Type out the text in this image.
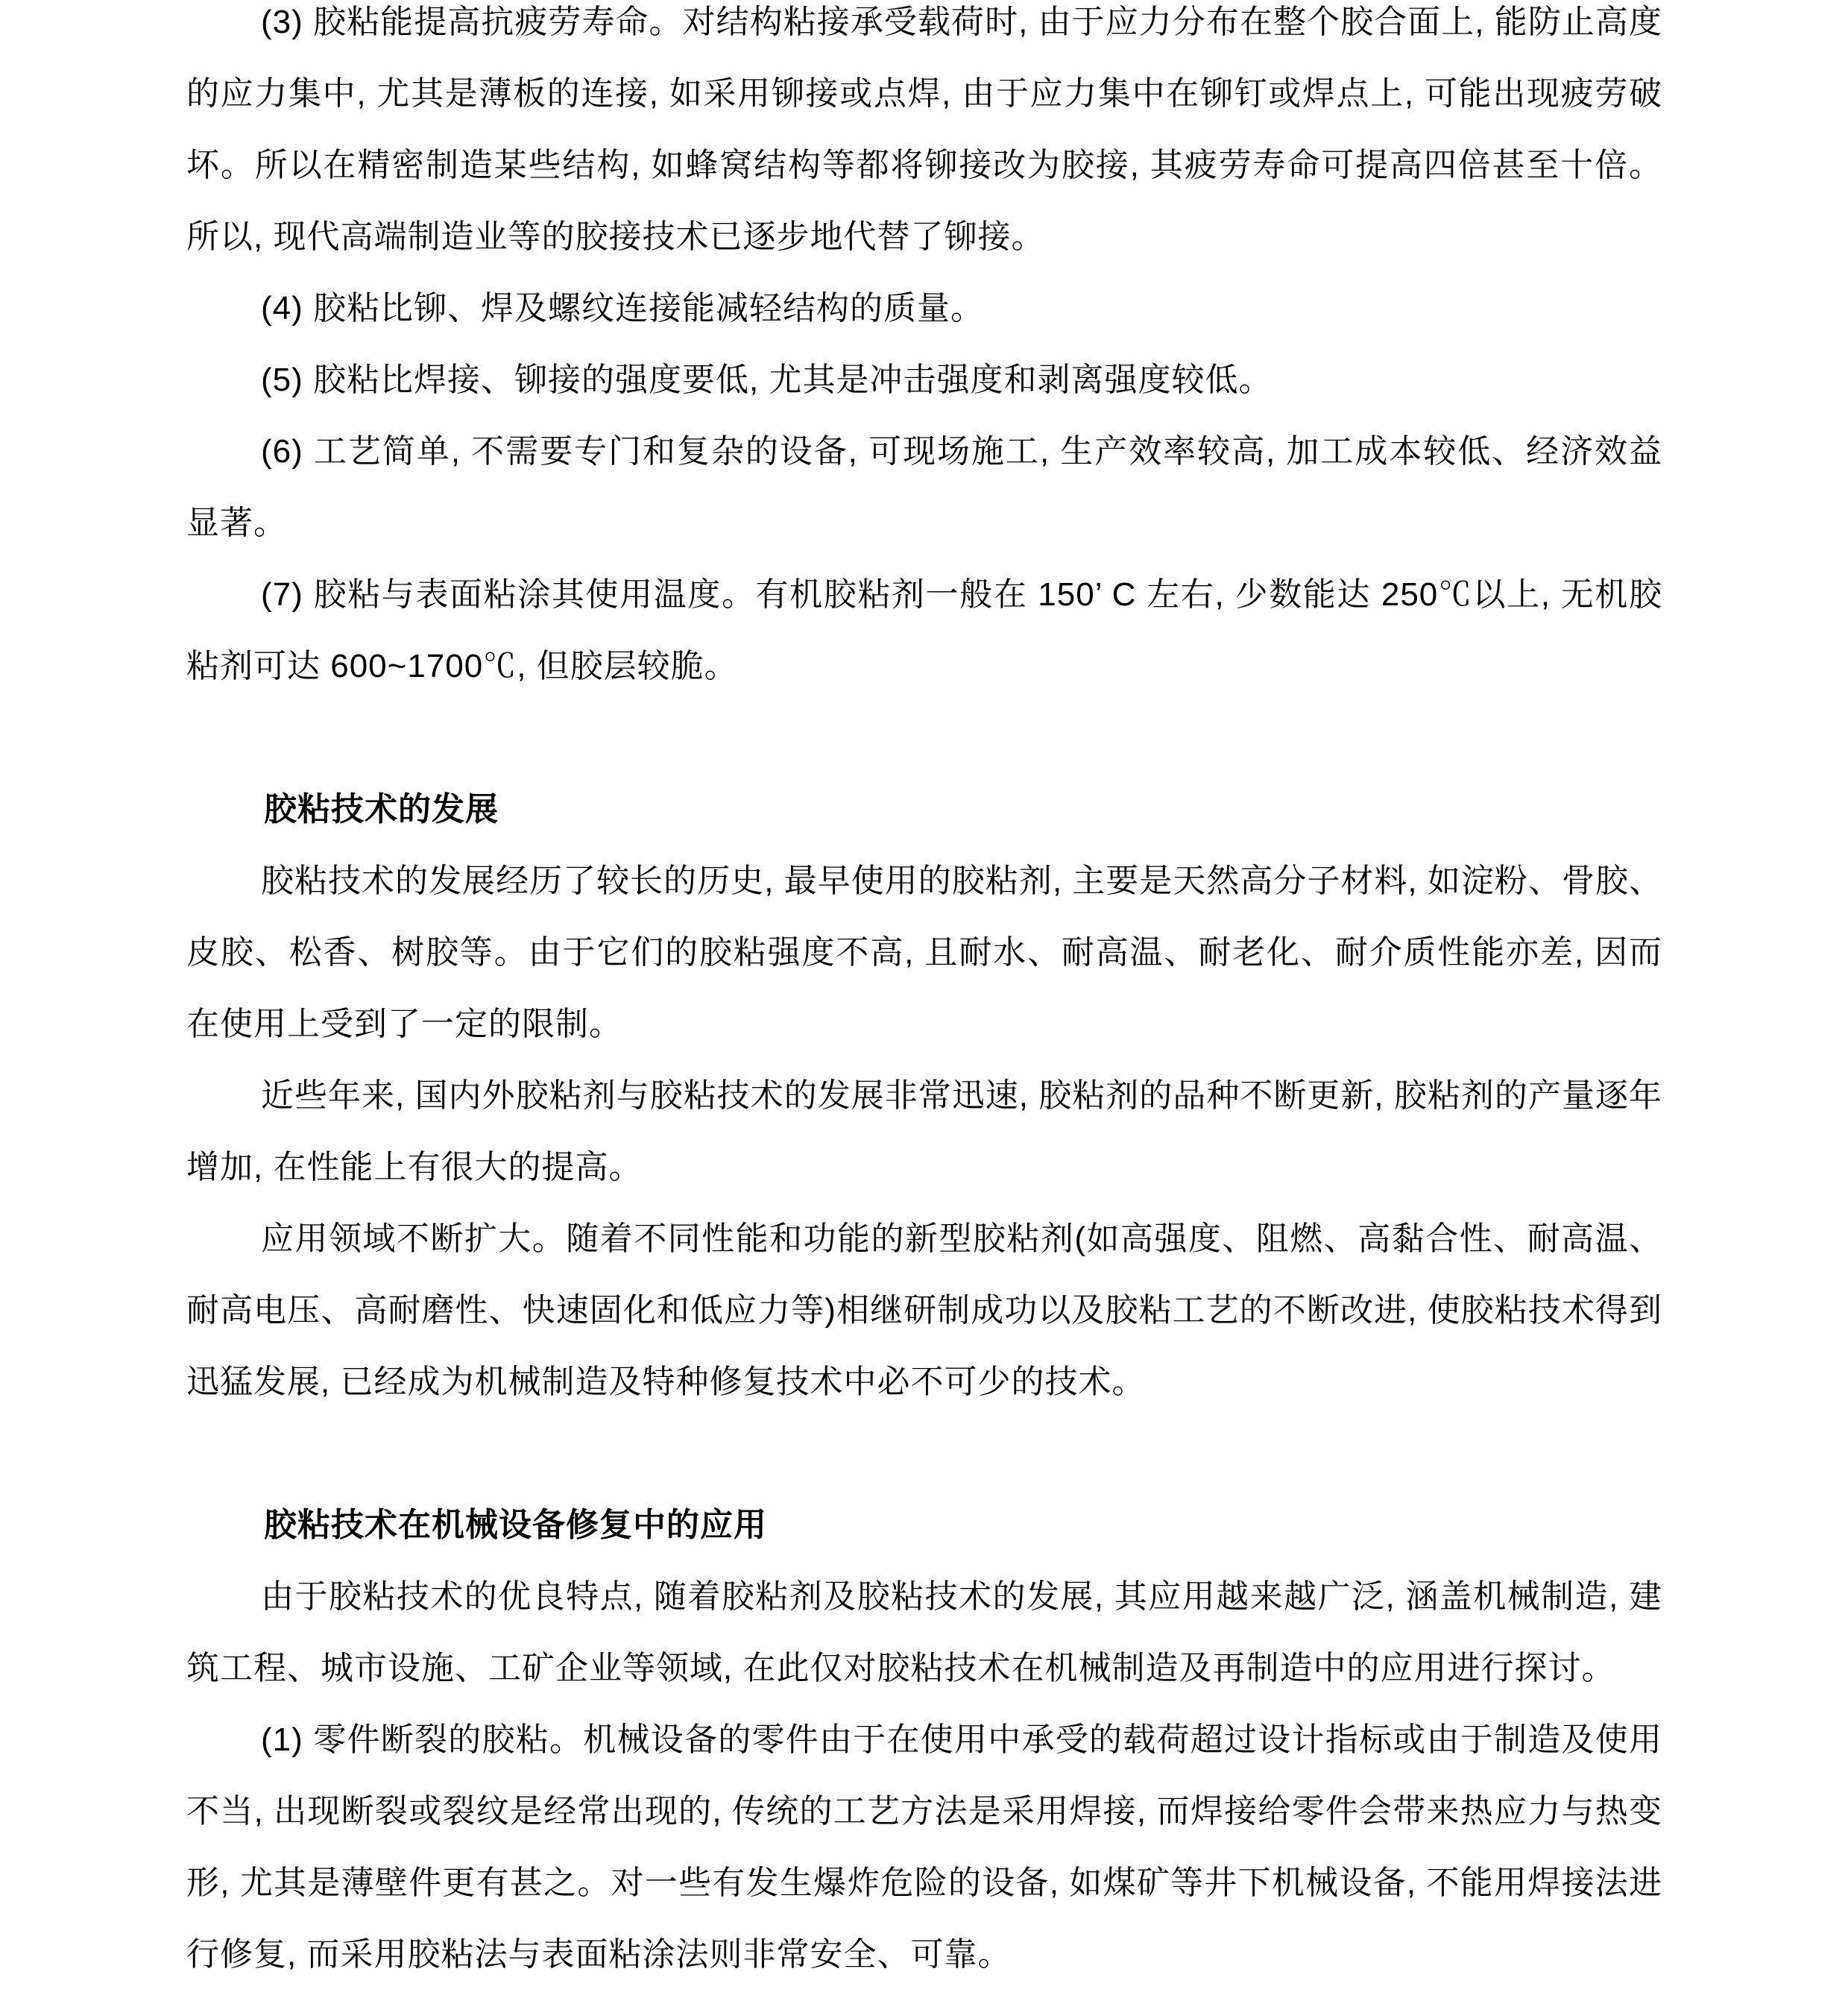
(3) 胶粘能提高抗疲劳寿命。对结构粘接承受载荷时, 由于应力分布在整个胶合面上, 能防止高度的应力集中, 尤其是薄板的连接, 如采用铆接或点焊, 由于应力集中在铆钉或焊点上, 可能出现疲劳破坏。所以在精密制造某些结构, 如蜂窝结构等都将铆接改为胶接, 其疲劳寿命可提高四倍甚至十倍。所以, 现代高端制造业等的胶接技术已逐步地代替了铆接。

(4) 胶粘比铆、焊及螺纹连接能减轻结构的质量。

(5) 胶粘比焊接、铆接的强度要低, 尤其是冲击强度和剥离强度较低。

(6) 工艺简单, 不需要专门和复杂的设备, 可现场施工, 生产效率较高, 加工成本较低、经济效益显著。

(7) 胶粘与表面粘涂其使用温度。有机胶粘剂一般在 150’ C 左右, 少数能达 250℃以上, 无机胶粘剂可达 600~1700℃, 但胶层较脆。

胶粘技术的发展

胶粘技术的发展经历了较长的历史, 最早使用的胶粘剂, 主要是天然高分子材料, 如淀粉、骨胶、皮胶、松香、树胶等。由于它们的胶粘强度不高, 且耐水、耐高温、耐老化、耐介质性能亦差, 因而在使用上受到了一定的限制。

近些年来, 国内外胶粘剂与胶粘技术的发展非常迅速, 胶粘剂的品种不断更新, 胶粘剂的产量逐年增加, 在性能上有很大的提高。

应用领域不断扩大。随着不同性能和功能的新型胶粘剂(如高强度、阻燃、高黏合性、耐高温、耐高电压、高耐磨性、快速固化和低应力等)相继研制成功以及胶粘工艺的不断改进, 使胶粘技术得到迅猛发展, 已经成为机械制造及特种修复技术中必不可少的技术。

胶粘技术在机械设备修复中的应用

由于胶粘技术的优良特点, 随着胶粘剂及胶粘技术的发展, 其应用越来越广泛, 涵盖机械制造, 建筑工程、城市设施、工矿企业等领域, 在此仅对胶粘技术在机械制造及再制造中的应用进行探讨。

(1) 零件断裂的胶粘。机械设备的零件由于在使用中承受的载荷超过设计指标或由于制造及使用不当, 出现断裂或裂纹是经常出现的, 传统的工艺方法是采用焊接, 而焊接给零件会带来热应力与热变形, 尤其是薄壁件更有甚之。对一些有发生爆炸危险的设备, 如煤矿等井下机械设备, 不能用焊接法进行修复, 而采用胶粘法与表面粘涂法则非常安全、可靠。
